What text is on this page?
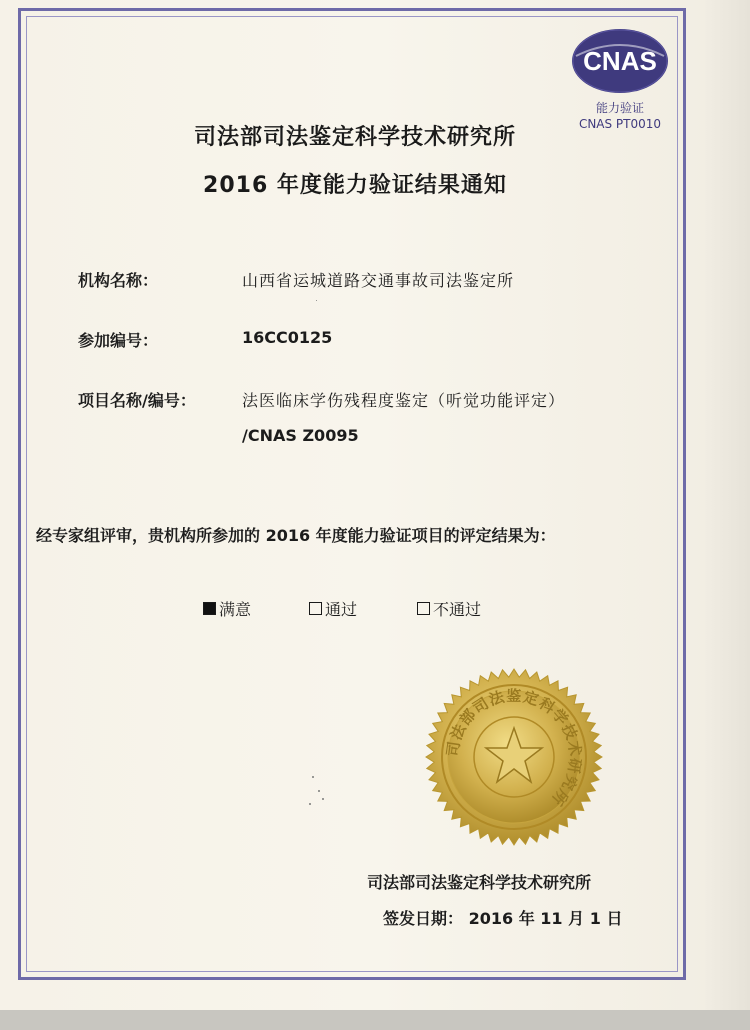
CNAS
能力验证
CNAS PT0010
司法部司法鉴定科学技术研究所
2016 年度能力验证结果通知
机构名称：	山西省运城道路交通事故司法鉴定所
参加编号：	16CC0125
项目名称/编号：	法医临床学伤残程度鉴定（听觉功能评定）
/CNAS Z0095
经专家组评审，贵机构所参加的 2016 年度能力验证项目的评定结果为：
满意	通过	不通过
司法部司法鉴定科学技术研究所
司法部司法鉴定科学技术研究所
签发日期： 2016 年 11 月 1 日
